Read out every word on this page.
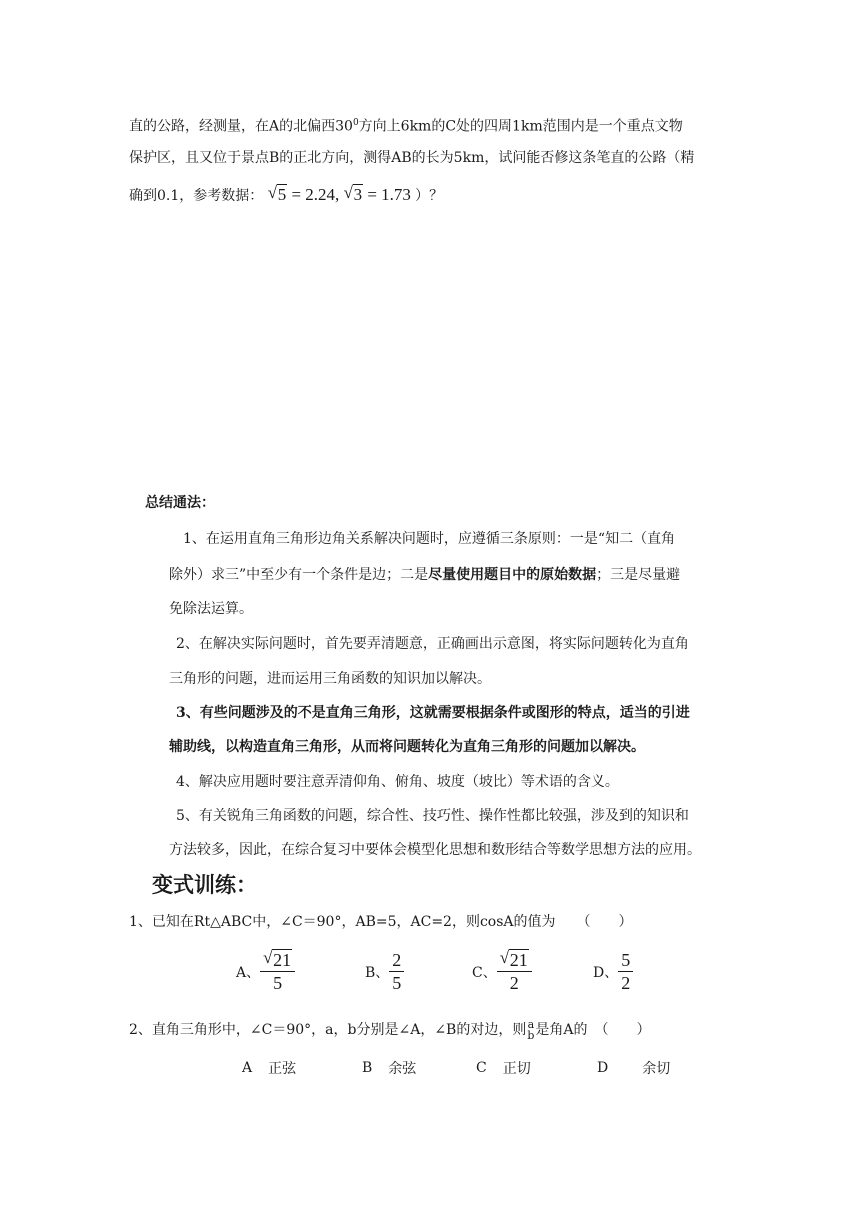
直的公路，经测量，在A的北偏西$30^0$方向上6km的C处的四周1km范围内是一个重点文物
保护区，且又位于景点B的正北方向，测得AB的长为5km，试问能否修这条笔直的公路（精
确到0.1，参考数据： √ 5 = 2.24, √ 3 = 1.73 ）？
总结通法：
1、在运用直角三角形边角关系解决问题时，应遵循三条原则：一是“知二（直角
除外）求三”中至少有一个条件是边；二是尽量使用题目中的原始数据；三是尽量避
免除法运算。
2、在解决实际问题时，首先要弄清题意，正确画出示意图，将实际问题转化为直角
三角形的问题，进而运用三角函数的知识加以解决。
3、有些问题涉及的不是直角三角形，这就需要根据条件或图形的特点，适当的引进
辅助线，以构造直角三角形，从而将问题转化为直角三角形的问题加以解决。
4、解决应用题时要注意弄清仰角、俯角、坡度（坡比）等术语的含义。
5、有关锐角三角函数的问题，综合性、技巧性、操作性都比较强，涉及到的知识和
方法较多，因此，在综合复习中要体会模型化思想和数形结合等数学思想方法的应用。
变式训练：
1、已知在Rt△ABC中，∠C＝90°，AB=5，AC=2，则cosA的值为　　（　　）
A、 $\frac{√ 21}{5}$	B、 $\frac{2}{5}$	C、 $\frac{√ 21}{2}$	D、 $\frac{5}{2}$
2、直角三角形中，∠C＝90°，a，b分别是∠A，∠B的对边，则 a
b 是角A的　（　　）
A 正弦	B 余弦	C 正切	D 余切
